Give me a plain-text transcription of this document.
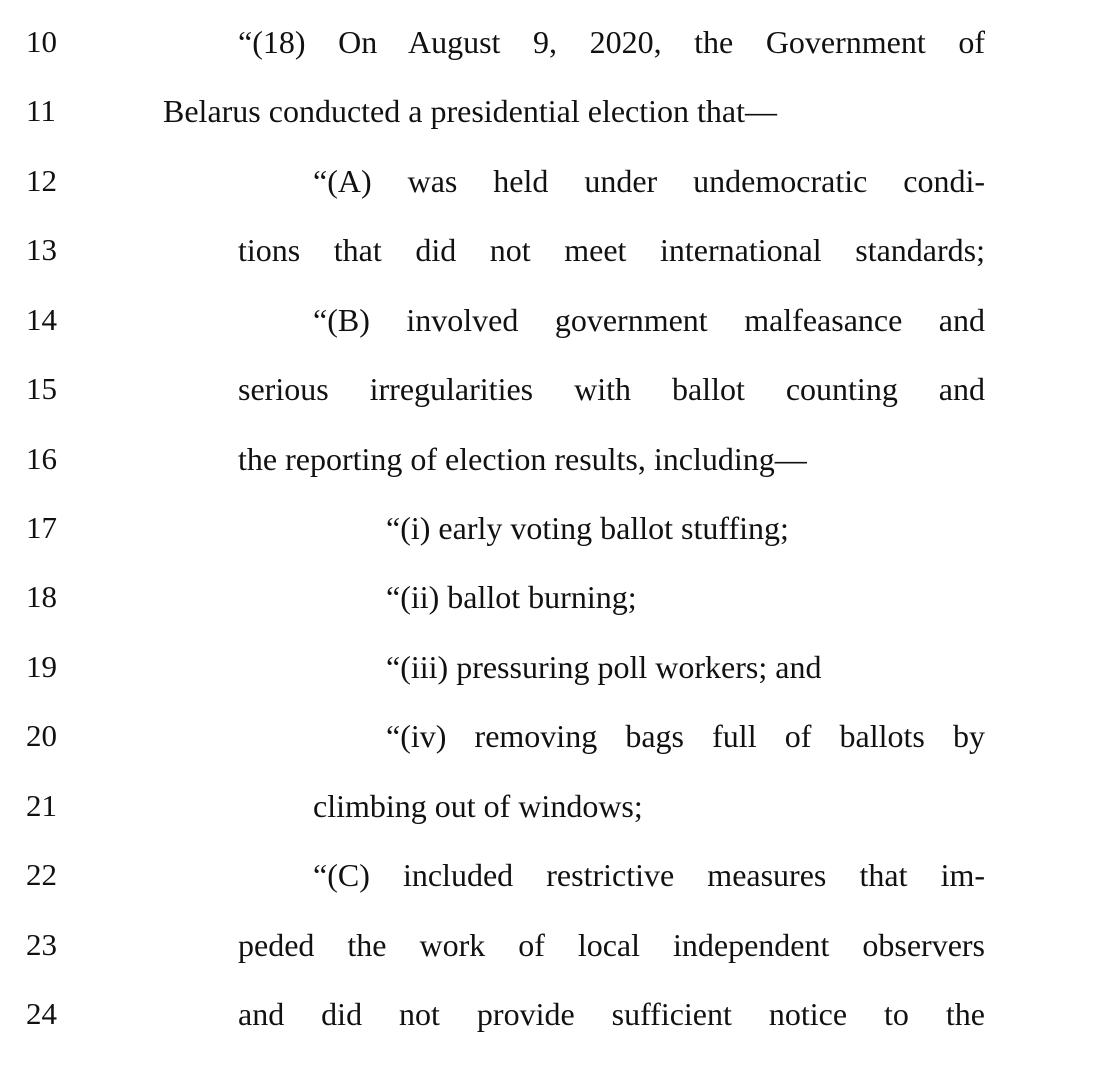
10	“(18) On August 9, 2020, the Government of
11	Belarus conducted a presidential election that—
12	“(A) was held under undemocratic condi-
13	tions that did not meet international standards;
14	“(B) involved government malfeasance and
15	serious irregularities with ballot counting and
16	the reporting of election results, including—
17	“(i) early voting ballot stuffing;
18	“(ii) ballot burning;
19	“(iii) pressuring poll workers; and
20	“(iv) removing bags full of ballots by
21	climbing out of windows;
22	“(C) included restrictive measures that im-
23	peded the work of local independent observers
24	and did not provide sufficient notice to the
